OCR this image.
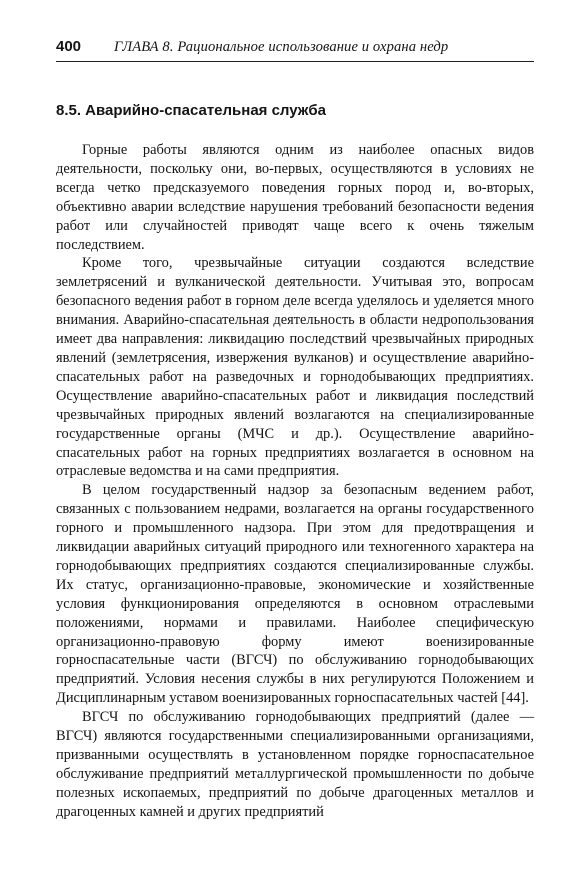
400	ГЛАВА 8. Рациональное использование и охрана недр
8.5. Аварийно-спасательная служба

Горные работы являются одним из наиболее опасных видов деятельности, поскольку они, во-первых, осуществляются в условиях не всегда четко предсказуемого поведения горных пород и, во-вторых, объективно аварии вследствие нарушения требований безопасности ведения работ или случайностей приводят чаще всего к очень тяжелым последствием.

Кроме того, чрезвычайные ситуации создаются вследствие землетрясений и вулканической деятельности. Учитывая это, вопросам безопасного ведения работ в горном деле всегда уделялось и уделяется много внимания. Аварийно-спасательная деятельность в области недропользования имеет два направления: ликвидацию последствий чрезвычайных природных явлений (землетрясения, извержения вулканов) и осуществление аварийно-спасательных работ на разведочных и горнодобывающих предприятиях. Осуществление аварийно-спасательных работ и ликвидация последствий чрезвычайных природных явлений возлагаются на специализированные государственные органы (МЧС и др.). Осуществление аварийно-спасательных работ на горных предприятиях возлагается в основном на отраслевые ведомства и на сами предприятия.

В целом государственный надзор за безопасным ведением работ, связанных с пользованием недрами, возлагается на органы государственного горного и промышленного надзора. При этом для предотвращения и ликвидации аварийных ситуаций природного или техногенного характера на горнодобывающих предприятиях создаются специализированные службы. Их статус, организационно-правовые, экономические и хозяйственные условия функционирования определяются в основном отраслевыми положениями, нормами и правилами. Наиболее специфическую организационно-правовую форму имеют военизированные горноспасательные части (ВГСЧ) по обслуживанию горнодобывающих предприятий. Условия несения службы в них регулируются Положением и Дисциплинарным уставом военизированных горноспасательных частей [44].

ВГСЧ по обслуживанию горнодобывающих предприятий (далее — ВГСЧ) являются государственными специализированными организациями, призванными осуществлять в установленном порядке горноспасательное обслуживание предприятий металлургической промышленности по добыче полезных ископаемых, предприятий по добыче драгоценных металлов и драгоценных камней и других предприятий
